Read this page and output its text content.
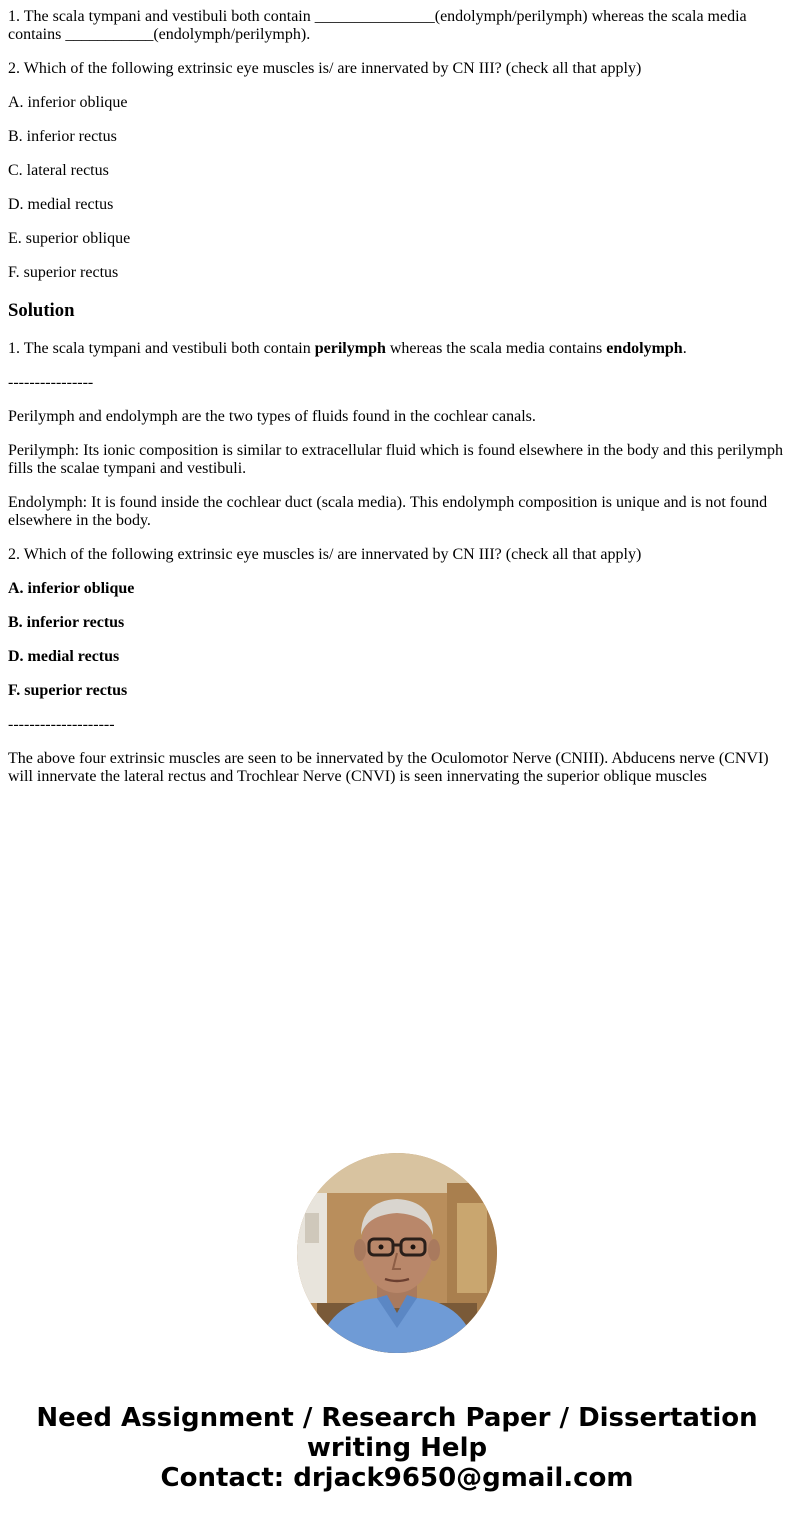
1. The scala tympani and vestibuli both contain _______________(endolymph/perilymph) whereas the scala media contains ___________(endolymph/perilymph).

2. Which of the following extrinsic eye muscles is/ are innervated by CN III? (check all that apply)

A. inferior oblique

B. inferior rectus

C. lateral rectus

D. medial rectus

E. superior oblique

F. superior rectus

Solution

1. The scala tympani and vestibuli both contain perilymph whereas the scala media contains endolymph.

----------------

Perilymph and endolymph are the two types of fluids found in the cochlear canals.

Perilymph: Its ionic composition is similar to extracellular fluid which is found elsewhere in the body and this perilymph fills the scalae tympani and vestibuli.

Endolymph: It is found inside the cochlear duct (scala media). This endolymph composition is unique and is not found elsewhere in the body.

2. Which of the following extrinsic eye muscles is/ are innervated by CN III? (check all that apply)

A. inferior oblique

B. inferior rectus

D. medial rectus

F. superior rectus

--------------------

The above four extrinsic muscles are seen to be innervated by the Oculomotor Nerve (CNIII). Abducens nerve (CNVI) will innervate the lateral rectus and Trochlear Nerve (CNVI) is seen innervating the superior oblique muscles

Need Assignment / Research Paper / Dissertation
writing Help
Contact: drjack9650@gmail.com
